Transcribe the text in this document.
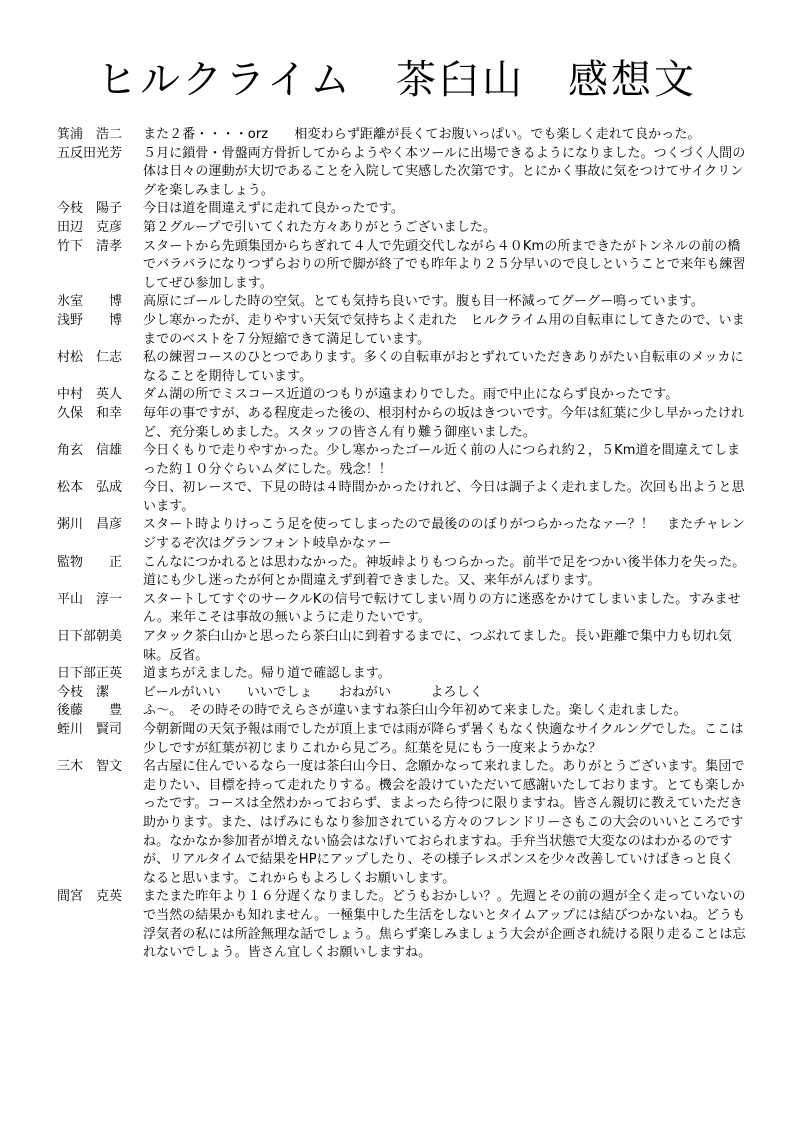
ヒルクライム　茶臼山　感想文
箕浦　浩二	また２番・・・・orz　　相変わらず距離が長くてお腹いっぱい。でも楽しく走れて良かった。
五反田光芳	５月に鎖骨・骨盤両方骨折してからようやく本ツールに出場できるようになりました。つくづく人間の体は日々の運動が大切であることを入院して実感した次第です。とにかく事故に気をつけてサイクリングを楽しみましょう。
今枝　陽子	今日は道を間違えずに走れて良かったです。
田辺　克彦	第２グループで引いてくれた方々ありがとうございました。
竹下　清孝	スタートから先頭集団からちぎれて４人で先頭交代しながら４０Kmの所まできたがトンネルの前の橋でバラバラになりつずらおりの所で脚が終了でも昨年より２５分早いので良しということで来年も練習してぜひ参加します。
氷室　　博	高原にゴールした時の空気。とても気持ち良いです。腹も目一杯減ってグーグー鳴っています。
浅野　　博	少し寒かったが、走りやすい天気で気持ちよく走れた　ヒルクライム用の自転車にしてきたので、いままでのベストを７分短縮できて満足しています。
村松　仁志	私の練習コースのひとつであります。多くの自転車がおとずれていただきありがたい自転車のメッカになることを期待しています。
中村　英人	ダム湖の所でミスコース近道のつもりが遠まわりでした。雨で中止にならず良かったです。
久保　和幸	毎年の事ですが、ある程度走った後の、根羽村からの坂はきついです。今年は紅葉に少し早かったけれど、充分楽しめました。スタッフの皆さん有り難う御座いました。
角玄　信雄	今日くもりで走りやすかった。少し寒かったゴール近く前の人につられ約２，５Km道を間違えてしまった約１０分ぐらいムダにした。残念！！
松本　弘成	今日、初レースで、下見の時は４時間かかったけれど、今日は調子よく走れました。次回も出ようと思います。
粥川　昌彦	スタート時よりけっこう足を使ってしまったので最後ののぼりがつらかったなァー？！　またチャレンジするぞ次はグランフォント岐阜かなァー
監物　　正	こんなにつかれるとは思わなかった。神坂峠よりもつらかった。前半で足をつかい後半体力を失った。道にも少し迷ったが何とか間違えず到着できました。又、来年がんばります。
平山　淳一	スタートしてすぐのサークルKの信号で転けてしまい周りの方に迷惑をかけてしまいました。すみません。来年こそは事故の無いように走りたいです。
日下部朝美	アタック茶臼山かと思ったら茶臼山に到着するまでに、つぶれてました。長い距離で集中力も切れ気味。反省。
日下部正英	道まちがえました。帰り道で確認します。
今枝　潔	ビールがいい　　いいでしょ　　おねがい　　　よろしく
後藤　　豊	ふ～。　その時その時でえらさが違いますね茶臼山今年初めて来ました。楽しく走れました。
蛭川　賢司	今朝新聞の天気予報は雨でしたが頂上までは雨が降らず暑くもなく快適なサイクルングでした。ここは少しですが紅葉が初じまりこれから見ごろ。紅葉を見にもう一度来ようかな？
三木　智文	名古屋に住んでいるなら一度は茶臼山今日、念願かなって来れました。ありがとうございます。集団で走りたい、目標を持って走れたりする。機会を設けていただいて感謝いたしております。とても楽しかったです。コースは全然わかっておらず、まよったら待つに限りますね。皆さん親切に教えていただき助かります。また、はげみにもなり参加されている方々のフレンドリーさもこの大会のいいところですね。なかなか参加者が増えない協会はなげいておられますね。手弁当状態で大変なのはわかるのですが、リアルタイムで結果をHPにアップしたり、その様子レスポンスを少々改善していけばきっと良くなると思います。これからもよろしくお願いします。
間宮　克英	またまた昨年より１６分遅くなりました。どうもおかしい？。先週とその前の週が全く走っていないので当然の結果かも知れません。一極集中した生活をしないとタイムアップには結びつかないね。どうも浮気者の私には所詮無理な話でしょう。焦らず楽しみましょう大会が企画され続ける限り走ることは忘れないでしょう。皆さん宜しくお願いしますね。
